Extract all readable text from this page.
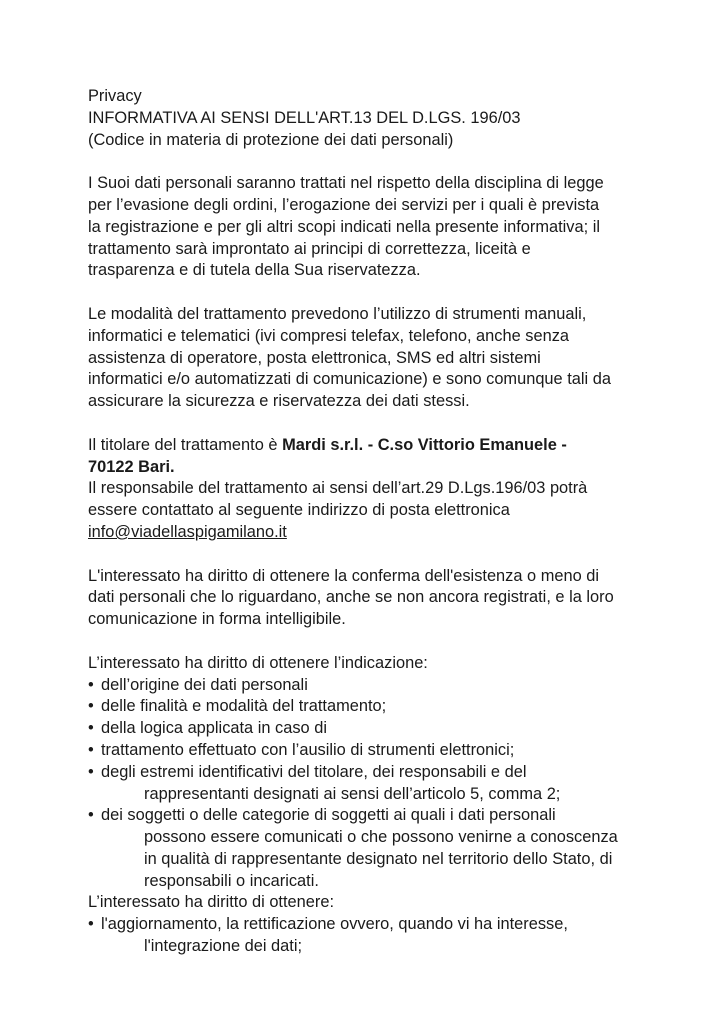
Privacy
INFORMATIVA AI SENSI DELL'ART.13 DEL D.LGS. 196/03
(Codice in materia di protezione dei dati personali)
I Suoi dati personali saranno trattati nel rispetto della disciplina di legge
per l’evasione degli ordini, l’erogazione dei servizi per i quali è prevista
la registrazione e per gli altri scopi indicati nella presente informativa; il
trattamento sarà improntato ai principi di correttezza, liceità e
trasparenza e di tutela della Sua riservatezza.
Le modalità del trattamento prevedono l’utilizzo di strumenti manuali,
informatici e telematici (ivi compresi telefax, telefono, anche senza
assistenza di operatore, posta elettronica, SMS ed altri sistemi
informatici e/o automatizzati di comunicazione) e sono comunque tali da
assicurare la sicurezza e riservatezza dei dati stessi.
Il titolare del trattamento è Mardi s.r.l. - C.so Vittorio Emanuele -
70122 Bari.
Il responsabile del trattamento ai sensi dell’art.29 D.Lgs.196/03 potrà
essere contattato al seguente indirizzo di posta elettronica
info@viadellaspigamilano.it
L'interessato ha diritto di ottenere la conferma dell'esistenza o meno di
dati personali che lo riguardano, anche se non ancora registrati, e la loro
comunicazione in forma intelligibile.
L’interessato ha diritto di ottenere l’indicazione:
• dell’origine dei dati personali
• delle finalità e modalità del trattamento;
• della logica applicata in caso di
• trattamento effettuato con l’ausilio di strumenti elettronici;
• degli estremi identificativi del titolare, dei responsabili e del
rappresentanti designati ai sensi dell’articolo 5, comma 2;
• dei soggetti o delle categorie di soggetti ai quali i dati personali
possono essere comunicati o che possono venirne a conoscenza
in qualità di rappresentante designato nel territorio dello Stato, di
responsabili o incaricati.
L’interessato ha diritto di ottenere:
• l'aggiornamento, la rettificazione ovvero, quando vi ha interesse,
l'integrazione dei dati;
